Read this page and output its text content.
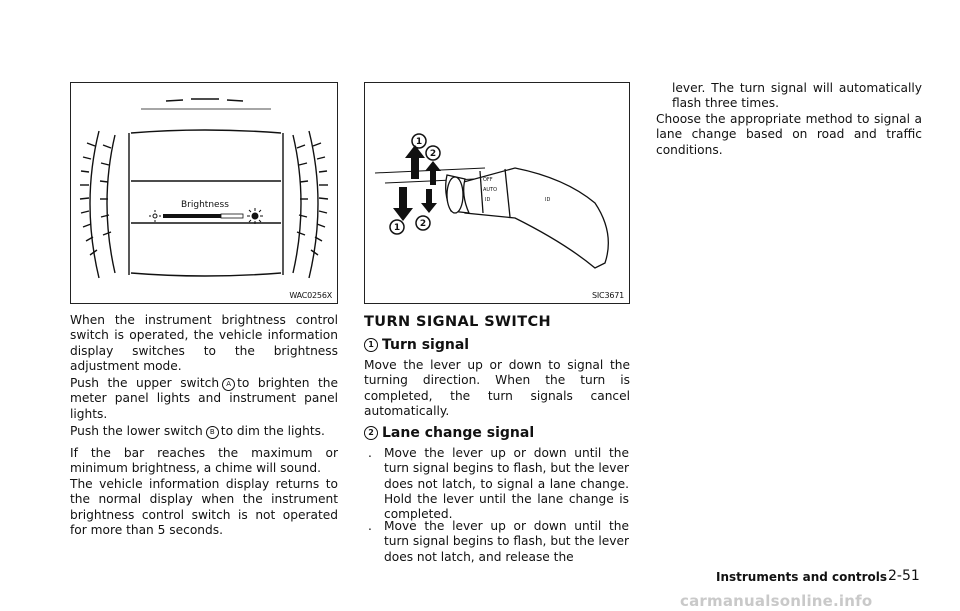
Brightness
WAC0256X
1
2
1 2
OFF
AUTO
ID	ID
SIC3671

When the instrument brightness control switch is operated, the vehicle information display switches to the brightness adjustment mode.

Push the upper switch A to brighten the meter panel lights and instrument panel lights.

Push the lower switch B to dim the lights.

If the bar reaches the maximum or minimum brightness, a chime will sound.

The vehicle information display returns to the normal display when the instrument brightness control switch is not operated for more than 5 seconds.

TURN SIGNAL SWITCH
1 Turn signal

Move the lever up or down to signal the turning direction. When the turn is completed, the turn signals cancel automatically.

2 Lane change signal
. Move the lever up or down until the turn signal begins to flash, but the lever does not latch, to signal a lane change. Hold the lever until the lane change is completed.
. Move the lever up or down until the turn signal begins to flash, but the lever does not latch, and release the

lever. The turn signal will automatically flash three times.

Choose the appropriate method to signal a lane change based on road and traffic conditions.

Instruments and controls 2-51
carmanualsonline.info
